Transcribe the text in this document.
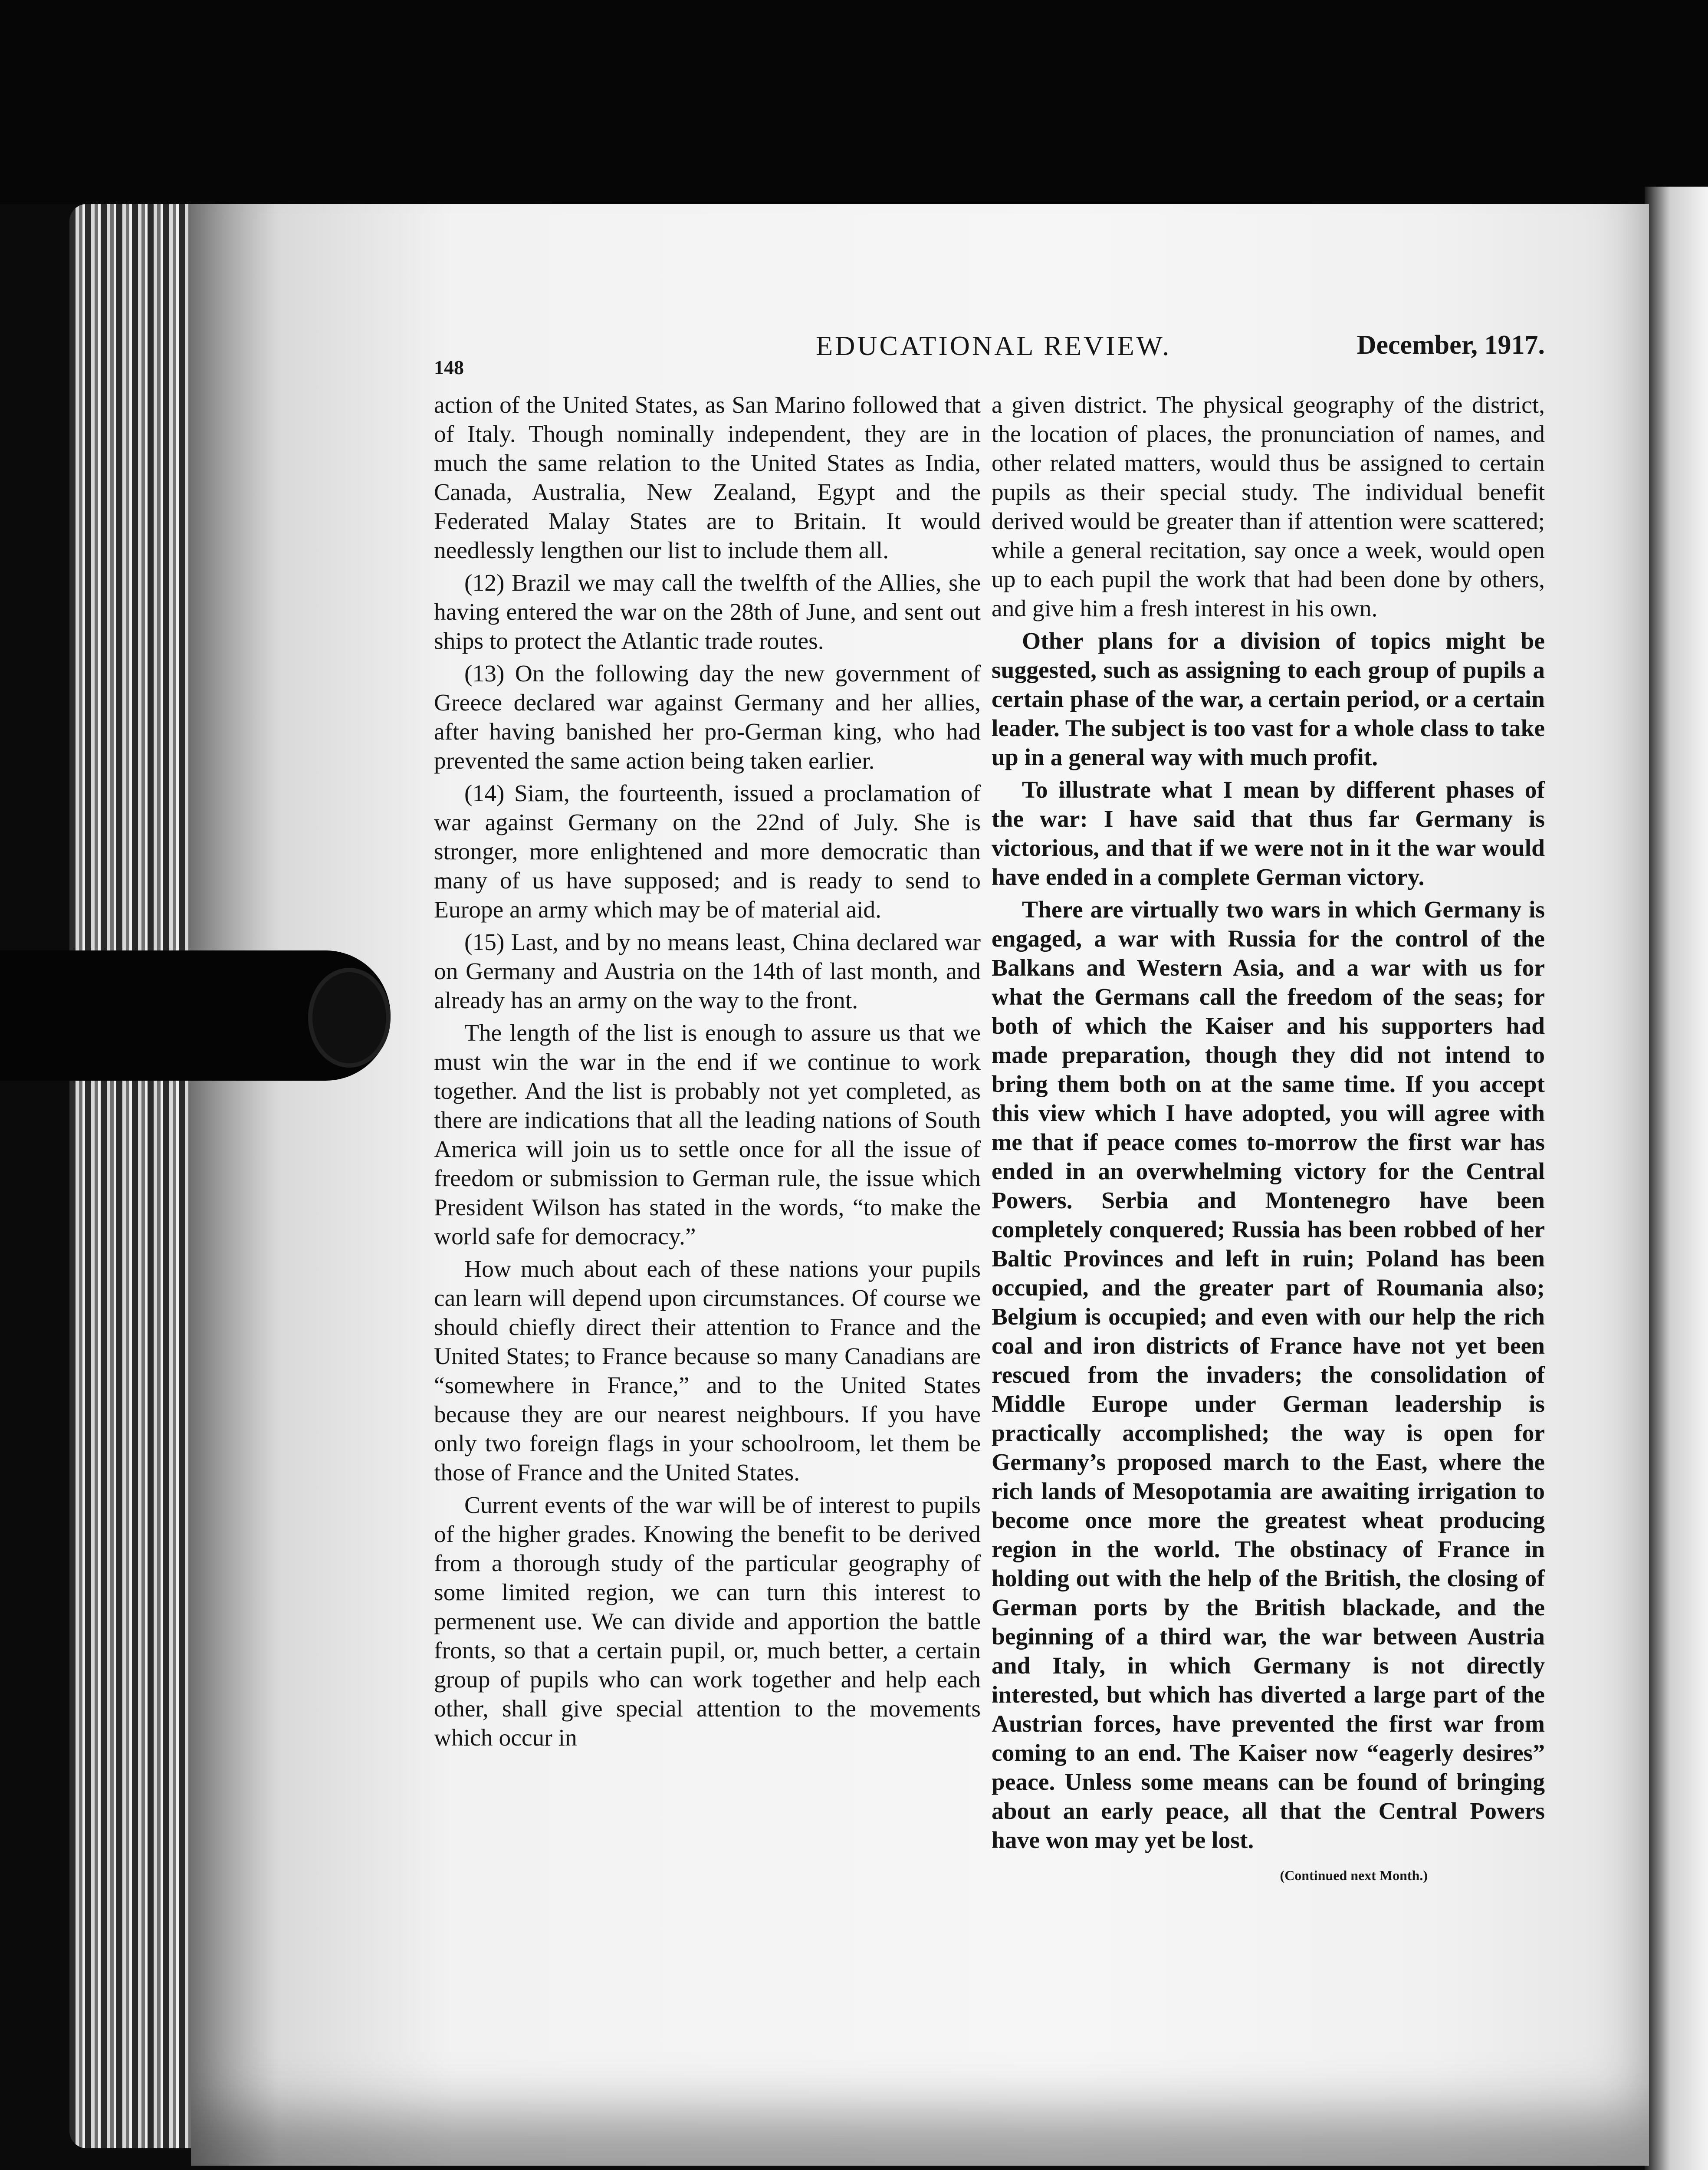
148
EDUCATIONAL REVIEW.	December, 1917.

action of the United States, as San Marino followed that of Italy. Though nominally independent, they are in much the same relation to the United States as India, Canada, Australia, New Zealand, Egypt and the Federated Malay States are to Britain. It would needlessly lengthen our list to include them all.

(12) Brazil we may call the twelfth of the Allies, she having entered the war on the 28th of June, and sent out ships to protect the Atlantic trade routes.

(13) On the following day the new government of Greece declared war against Germany and her allies, after having banished her pro-German king, who had prevented the same action being taken earlier.

(14) Siam, the fourteenth, issued a proclamation of war against Germany on the 22nd of July. She is stronger, more enlightened and more democratic than many of us have supposed; and is ready to send to Europe an army which may be of material aid.

(15) Last, and by no means least, China declared war on Germany and Austria on the 14th of last month, and already has an army on the way to the front.

The length of the list is enough to assure us that we must win the war in the end if we continue to work together. And the list is probably not yet completed, as there are indications that all the leading nations of South America will join us to settle once for all the issue of freedom or submission to German rule, the issue which President Wilson has stated in the words, “to make the world safe for democracy.”

How much about each of these nations your pupils can learn will depend upon circumstances. Of course we should chiefly direct their attention to France and the United States; to France because so many Canadians are “somewhere in France,” and to the United States because they are our nearest neighbours. If you have only two foreign flags in your schoolroom, let them be those of France and the United States.

Current events of the war will be of interest to pupils of the higher grades. Knowing the benefit to be derived from a thorough study of the particular geography of some limited region, we can turn this interest to permenent use. We can divide and apportion the battle fronts, so that a certain pupil, or, much better, a certain group of pupils who can work together and help each other, shall give special attention to the movements which occur in

a given district. The physical geography of the district, the location of places, the pronunciation of names, and other related matters, would thus be assigned to certain pupils as their special study. The individual benefit derived would be greater than if attention were scattered; while a general recitation, say once a week, would open up to each pupil the work that had been done by others, and give him a fresh interest in his own.

Other plans for a division of topics might be suggested, such as assigning to each group of pupils a certain phase of the war, a certain period, or a certain leader. The subject is too vast for a whole class to take up in a general way with much profit.

To illustrate what I mean by different phases of the war: I have said that thus far Germany is victorious, and that if we were not in it the war would have ended in a complete German victory.

There are virtually two wars in which Germany is engaged, a war with Russia for the control of the Balkans and Western Asia, and a war with us for what the Germans call the freedom of the seas; for both of which the Kaiser and his supporters had made preparation, though they did not intend to bring them both on at the same time. If you accept this view which I have adopted, you will agree with me that if peace comes to-morrow the first war has ended in an overwhelming victory for the Central Powers. Serbia and Montenegro have been completely conquered; Russia has been robbed of her Baltic Provinces and left in ruin; Poland has been occupied, and the greater part of Roumania also; Belgium is occupied; and even with our help the rich coal and iron districts of France have not yet been rescued from the invaders; the consolidation of Middle Europe under German leadership is practically accomplished; the way is open for Germany’s proposed march to the East, where the rich lands of Mesopotamia are awaiting irrigation to become once more the greatest wheat producing region in the world. The obstinacy of France in holding out with the help of the British, the closing of German ports by the British blackade, and the beginning of a third war, the war between Austria and Italy, in which Germany is not directly interested, but which has diverted a large part of the Austrian forces, have prevented the first war from coming to an end. The Kaiser now “eagerly desires” peace. Unless some means can be found of bringing about an early peace, all that the Central Powers have won may yet be lost.

(Continued next Month.)
